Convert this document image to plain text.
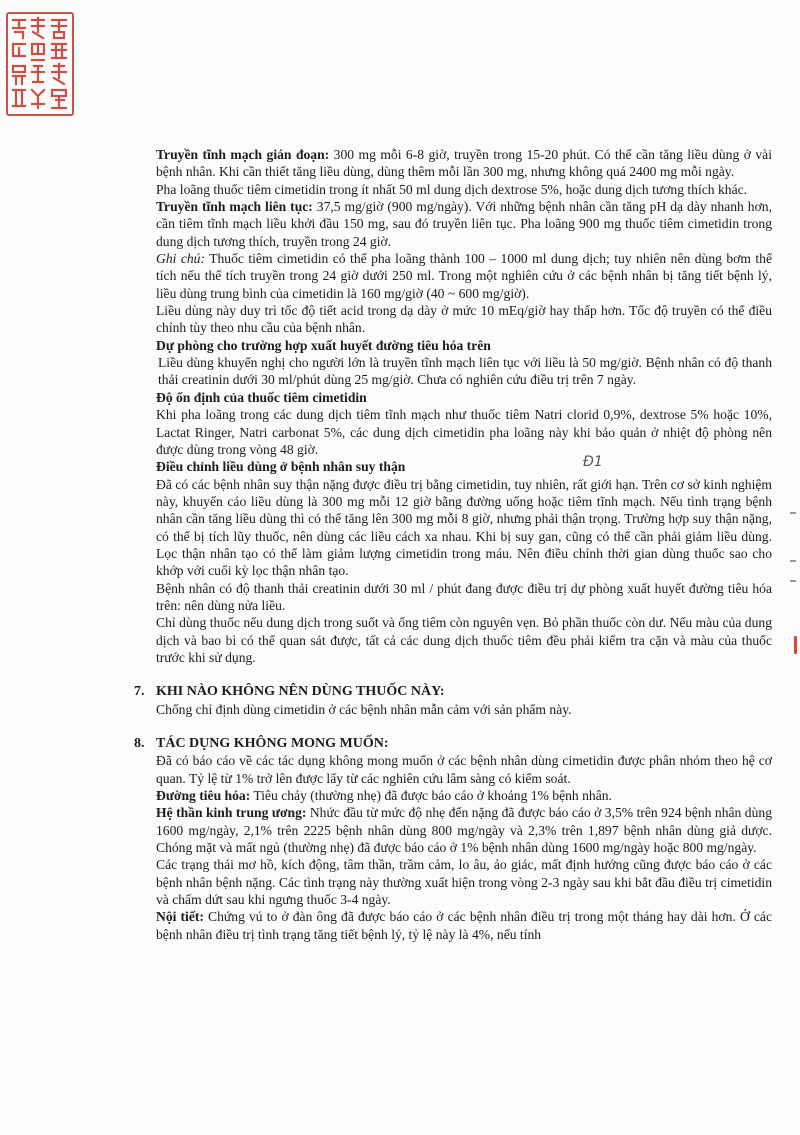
Đ1

Truyền tĩnh mạch gián đoạn: 300 mg mỗi 6-8 giờ, truyền trong 15-20 phút. Có thể cần tăng liều dùng ở vài bệnh nhân. Khi cần thiết tăng liều dùng, dùng thêm mỗi lần 300 mg, nhưng không quá 2400 mg mỗi ngày.

Pha loãng thuốc tiêm cimetidin trong ít nhất 50 ml dung dịch dextrose 5%, hoặc dung dịch tương thích khác.

Truyền tĩnh mạch liên tục: 37,5 mg/giờ (900 mg/ngày). Với những bệnh nhân cần tăng pH dạ dày nhanh hơn, cần tiêm tĩnh mạch liều khởi đầu 150 mg, sau đó truyền liên tục. Pha loãng 900 mg thuốc tiêm cimetidin trong dung dịch tương thích, truyền trong 24 giờ.

Ghi chú: Thuốc tiêm cimetidin có thể pha loãng thành 100 – 1000 ml dung dịch; tuy nhiên nên dùng bơm thể tích nếu thể tích truyền trong 24 giờ dưới 250 ml. Trong một nghiên cứu ở các bệnh nhân bị tăng tiết bệnh lý, liều dùng trung bình của cimetidin là 160 mg/giờ (40 ~ 600 mg/giờ).

Liều dùng này duy trì tốc độ tiết acid trong dạ dày ở mức 10 mEq/giờ hay thấp hơn. Tốc độ truyền có thể điều chỉnh tùy theo nhu cầu của bệnh nhân.

Dự phòng cho trường hợp xuất huyết đường tiêu hóa trên

Liều dùng khuyến nghị cho người lớn là truyền tĩnh mạch liên tục với liều là 50 mg/giờ. Bệnh nhân có độ thanh thải creatinin dưới 30 ml/phút dùng 25 mg/giờ. Chưa có nghiên cứu điều trị trên 7 ngày.

Độ ổn định của thuốc tiêm cimetidin

Khi pha loãng trong các dung dịch tiêm tĩnh mạch như thuốc tiêm Natri clorid 0,9%, dextrose 5% hoặc 10%, Lactat Ringer, Natri carbonat 5%, các dung dịch cimetidin pha loãng này khi bảo quản ở nhiệt độ phòng nên được dùng trong vòng 48 giờ.

Điều chỉnh liều dùng ở bệnh nhân suy thận

Đã có các bệnh nhân suy thận nặng được điều trị bằng cimetidin, tuy nhiên, rất giới hạn. Trên cơ sở kinh nghiệm này, khuyến cáo liều dùng là 300 mg mỗi 12 giờ bằng đường uống hoặc tiêm tĩnh mạch. Nếu tình trạng bệnh nhân cần tăng liều dùng thì có thể tăng lên 300 mg mỗi 8 giờ, nhưng phải thận trọng. Trường hợp suy thận nặng, có thể bị tích lũy thuốc, nên dùng các liều cách xa nhau. Khi bị suy gan, cũng có thể cần phải giảm liều dùng. Lọc thận nhân tạo có thể làm giảm lượng cimetidin trong máu. Nên điều chỉnh thời gian dùng thuốc sao cho khớp với cuối kỳ lọc thận nhân tạo.

Bệnh nhân có độ thanh thải creatinin dưới 30 ml / phút đang được điều trị dự phòng xuất huyết đường tiêu hóa trên: nên dùng nửa liều.

Chỉ dùng thuốc nếu dung dịch trong suốt và ống tiêm còn nguyên vẹn. Bỏ phần thuốc còn dư. Nếu màu của dung dịch và bao bì có thể quan sát được, tất cả các dung dịch thuốc tiêm đều phải kiểm tra cặn và màu của thuốc trước khi sử dụng.

7. KHI NÀO KHÔNG NÊN DÙNG THUỐC NÀY:

Chống chỉ định dùng cimetidin ở các bệnh nhân mẫn cảm với sản phẩm này.

8. TÁC DỤNG KHÔNG MONG MUỐN:

Đã có báo cáo về các tác dụng không mong muốn ở các bệnh nhân dùng cimetidin được phân nhóm theo hệ cơ quan. Tỷ lệ từ 1% trở lên được lấy từ các nghiên cứu lâm sàng có kiểm soát.

Đường tiêu hóa: Tiêu chảy (thường nhẹ) đã được báo cáo ở khoảng 1% bệnh nhân.

Hệ thần kinh trung ương: Nhức đầu từ mức độ nhẹ đến nặng đã được báo cáo ở 3,5% trên 924 bệnh nhân dùng 1600 mg/ngày, 2,1% trên 2225 bệnh nhân dùng 800 mg/ngày và 2,3% trên 1,897 bệnh nhân dùng giả dược. Chóng mặt và mất ngủ (thường nhẹ) đã được báo cáo ở 1% bệnh nhân dùng 1600 mg/ngày hoặc 800 mg/ngày.

Các trạng thái mơ hồ, kích động, tâm thần, trầm cảm, lo âu, ảo giác, mất định hướng cũng được báo cáo ở các bệnh nhân bệnh nặng. Các tình trạng này thường xuất hiện trong vòng 2-3 ngày sau khi bắt đầu điều trị cimetidin và chấm dứt sau khi ngưng thuốc 3-4 ngày.

Nội tiết: Chứng vú to ở đàn ông đã được báo cáo ở các bệnh nhân điều trị trong một tháng hay dài hơn. Ở các bệnh nhân điều trị tình trạng tăng tiết bệnh lý, tỷ lệ này là 4%, nếu tính
